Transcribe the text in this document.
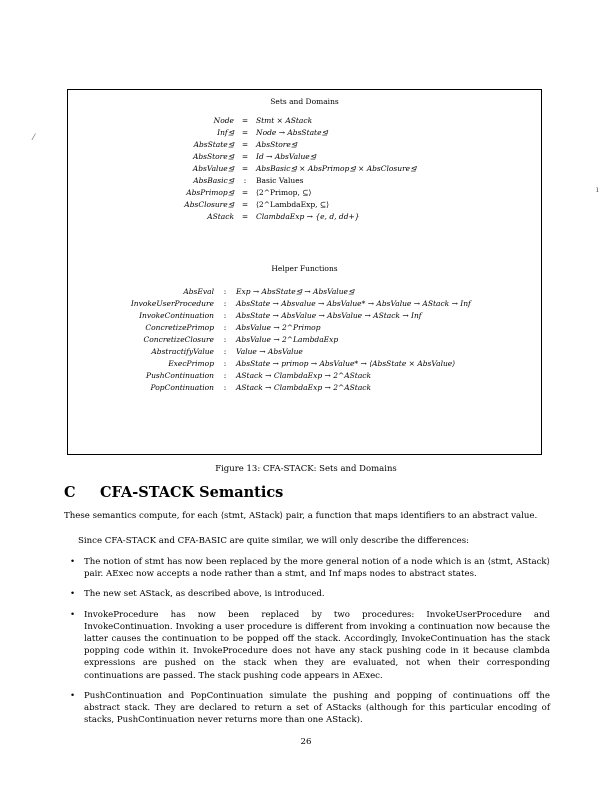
⁄
ı
Sets and Domains
Node = Stmt × AStack
Inf⊴ = Node → AbsState⊴
AbsState⊴ = AbsStore⊴
AbsStore⊴ = Id → AbsValue⊴
AbsValue⊴ = AbsBasic⊴ × AbsPrimop⊴ × AbsClosure⊴
AbsBasic⊴ : Basic Values
AbsPrimop⊴ = ⟨2^Primop, ⊆⟩
AbsClosure⊴ = ⟨2^LambdaExp, ⊆⟩
AStack = ClambdaExp → {e, d, dd+}
Helper Functions
AbsEval : Exp → AbsState⊴ → AbsValue⊴
InvokeUserProcedure : AbsState → Absvalue → AbsValue* → AbsValue → AStack → Inf
InvokeContinuation : AbsState → AbsValue → AbsValue → AStack → Inf
ConcretizePrimop : AbsValue → 2^Primop
ConcretizeClosure : AbsValue → 2^LambdaExp
AbstractifyValue : Value → AbsValue
ExecPrimop : AbsState → primop → AbsValue* → ⟨AbsState × AbsValue⟩
PushContinuation : AStack → ClambdaExp → 2^AStack
PopContinuation : AStack → ClambdaExp → 2^AStack
Figure 13: CFA-STACK: Sets and Domains
C CFA-STACK Semantics
These semantics compute, for each ⟨stmt, AStack⟩ pair, a function that maps identifiers to an abstract value.
Since CFA-STACK and CFA-BASIC are quite similar, we will only describe the differences:
• The notion of stmt has now been replaced by the more general notion of a node which is an ⟨stmt, AStack⟩ pair. AExec now accepts a node rather than a stmt, and Inf maps nodes to abstract states.
• The new set AStack, as described above, is introduced.
• InvokeProcedure has now been replaced by two procedures: InvokeUserProcedure and InvokeContinuation. Invoking a user procedure is different from invoking a continuation now because the latter causes the continuation to be popped off the stack. Accordingly, InvokeContinuation has the stack popping code within it. InvokeProcedure does not have any stack pushing code in it because clambda expressions are pushed on the stack when they are evaluated, not when their corresponding continuations are passed. The stack pushing code appears in AExec.
• PushContinuation and PopContinuation simulate the pushing and popping of continuations off the abstract stack. They are declared to return a set of AStacks (although for this particular encoding of stacks, PushContinuation never returns more than one AStack).
26
